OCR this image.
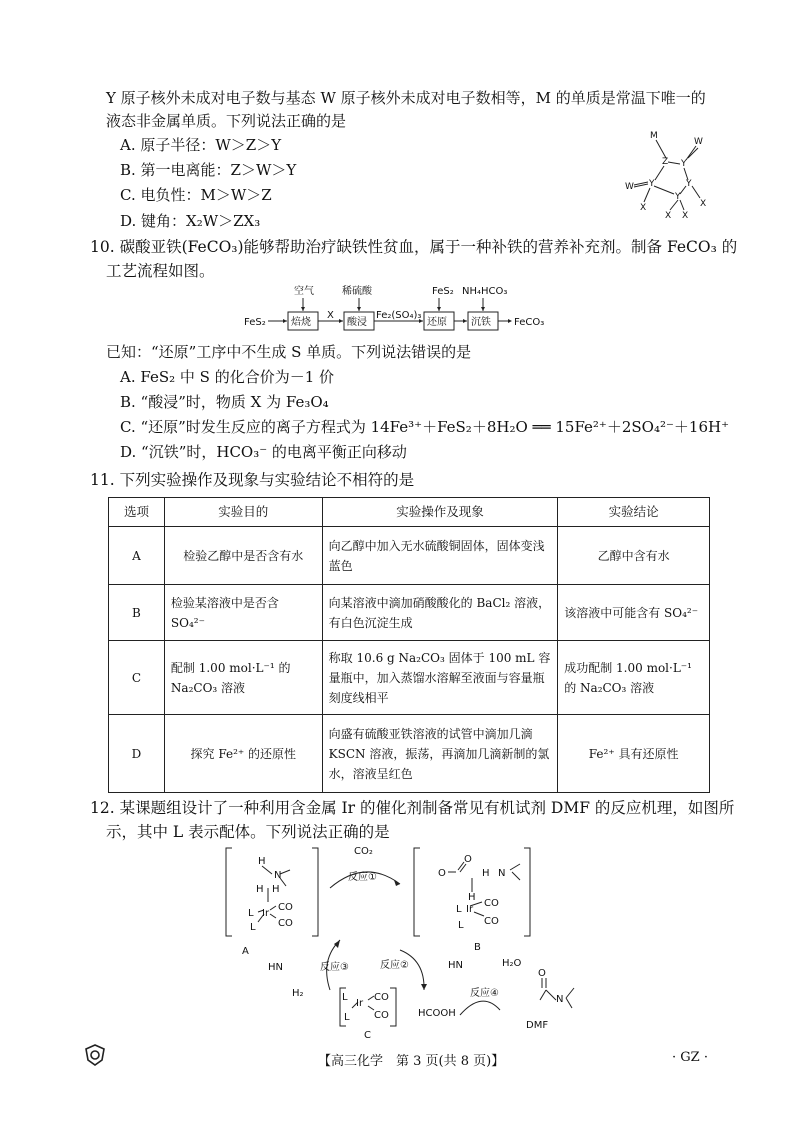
Y 原子核外未成对电子数与基态 W 原子核外未成对电子数相等，M 的单质是常温下唯一的
液态非金属单质。下列说法正确的是
A. 原子半径：W＞Z＞Y
B. 第一电离能：Z＞W＞Y
C. 电负性：M＞W＞Z
D. 键角：X₂W＞ZX₃
M
Z Y
W
Y	Y
Y
W
X
X X
X
10. 碳酸亚铁(FeCO₃)能够帮助治疗缺铁性贫血，属于一种补铁的营养补充剂。制备 FeCO₃ 的
工艺流程如图。
FeS₂	焙烧
空气
X
酸浸
稀硫酸
Fe₂(SO₄)₃
还原
FeS₂
沉铁
NH₄HCO₃
FeCO₃
已知：“还原”工序中不生成 S 单质。下列说法错误的是
A. FeS₂ 中 S 的化合价为－1 价
B. “酸浸”时，物质 X 为 Fe₃O₄
C. “还原”时发生反应的离子方程式为 14Fe³⁺＋FeS₂＋8H₂O ══ 15Fe²⁺＋2SO₄²⁻＋16H⁺
D. “沉铁”时，HCO₃⁻ 的电离平衡正向移动
11. 下列实验操作及现象与实验结论不相符的是
选项	实验目的	实验操作及现象	实验结论
A	检验乙醇中是否含有水	向乙醇中加入无水硫酸铜固体，固体变浅蓝色	乙醇中含有水
B	检验某溶液中是否含 SO₄²⁻	向某溶液中滴加硝酸酸化的 BaCl₂ 溶液，有白色沉淀生成	该溶液中可能含有 SO₄²⁻
C	配制 1.00 mol·L⁻¹ 的 Na₂CO₃ 溶液	称取 10.6 g Na₂CO₃ 固体于 100 mL 容量瓶中，加入蒸馏水溶解至液面与容量瓶刻度线相平	成功配制 1.00 mol·L⁻¹ 的 Na₂CO₃ 溶液
D	探究 Fe²⁺ 的还原性	向盛有硫酸亚铁溶液的试管中滴加几滴 KSCN 溶液，振荡，再滴加几滴新制的氯水，溶液呈红色	Fe²⁺ 具有还原性
12. 某课题组设计了一种利用含金属 Ir 的催化剂制备常见有机试剂 DMF 的反应机理，如图所
示，其中 L 表示配体。下列说法正确的是
H
N
H H
L Ir
CO
CO
L
A
CO₂
反应①	O
O
H N
H
L Ir
CO
CO
L
B
HN	反应③
H₂
反应②	HN	H₂O
反应④
L
Ir
CO
CO
L
C
HCOOH
O
N
DMF
【高三化学　第 3 页(共 8 页)】	· GZ ·
